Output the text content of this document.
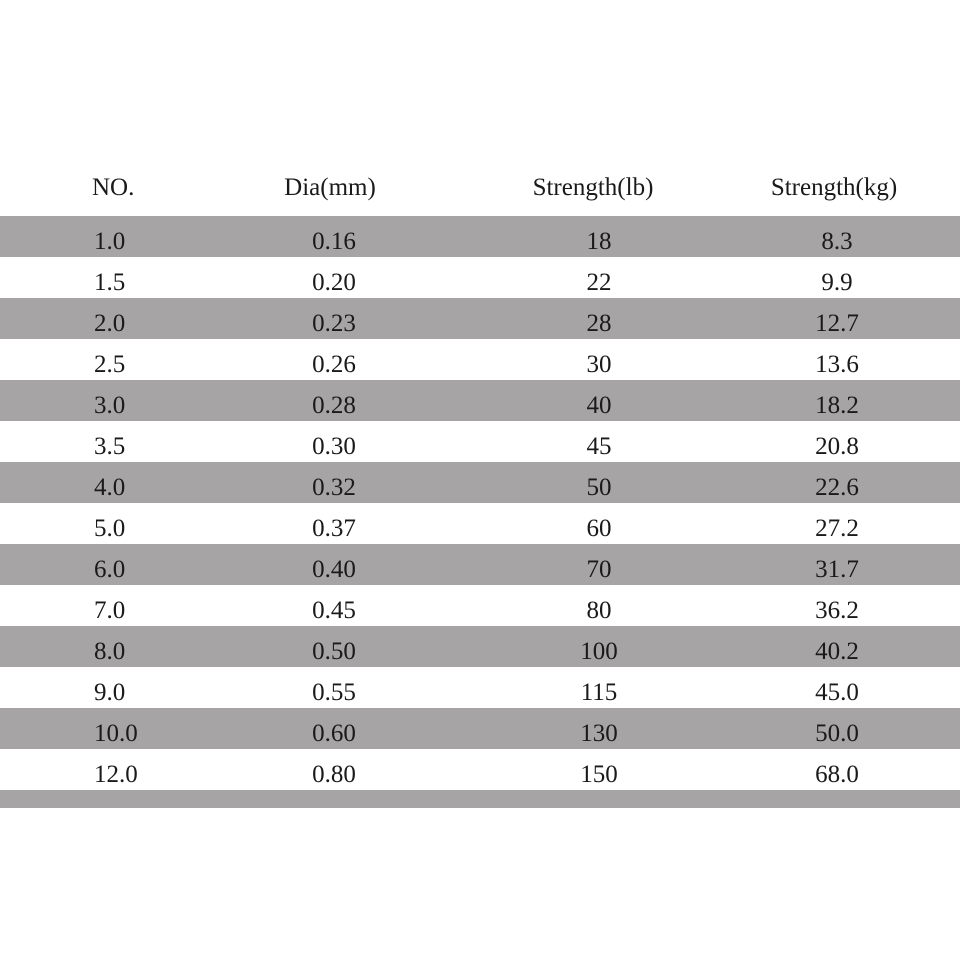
NO.	Dia(mm)	Strength(lb)	Strength(kg)
1.0	0.16	18	8.3
1.5	0.20	22	9.9
2.0	0.23	28	12.7
2.5	0.26	30	13.6
3.0	0.28	40	18.2
3.5	0.30	45	20.8
4.0	0.32	50	22.6
5.0	0.37	60	27.2
6.0	0.40	70	31.7
7.0	0.45	80	36.2
8.0	0.50	100	40.2
9.0	0.55	115	45.0
10.0	0.60	130	50.0
12.0	0.80	150	68.0
